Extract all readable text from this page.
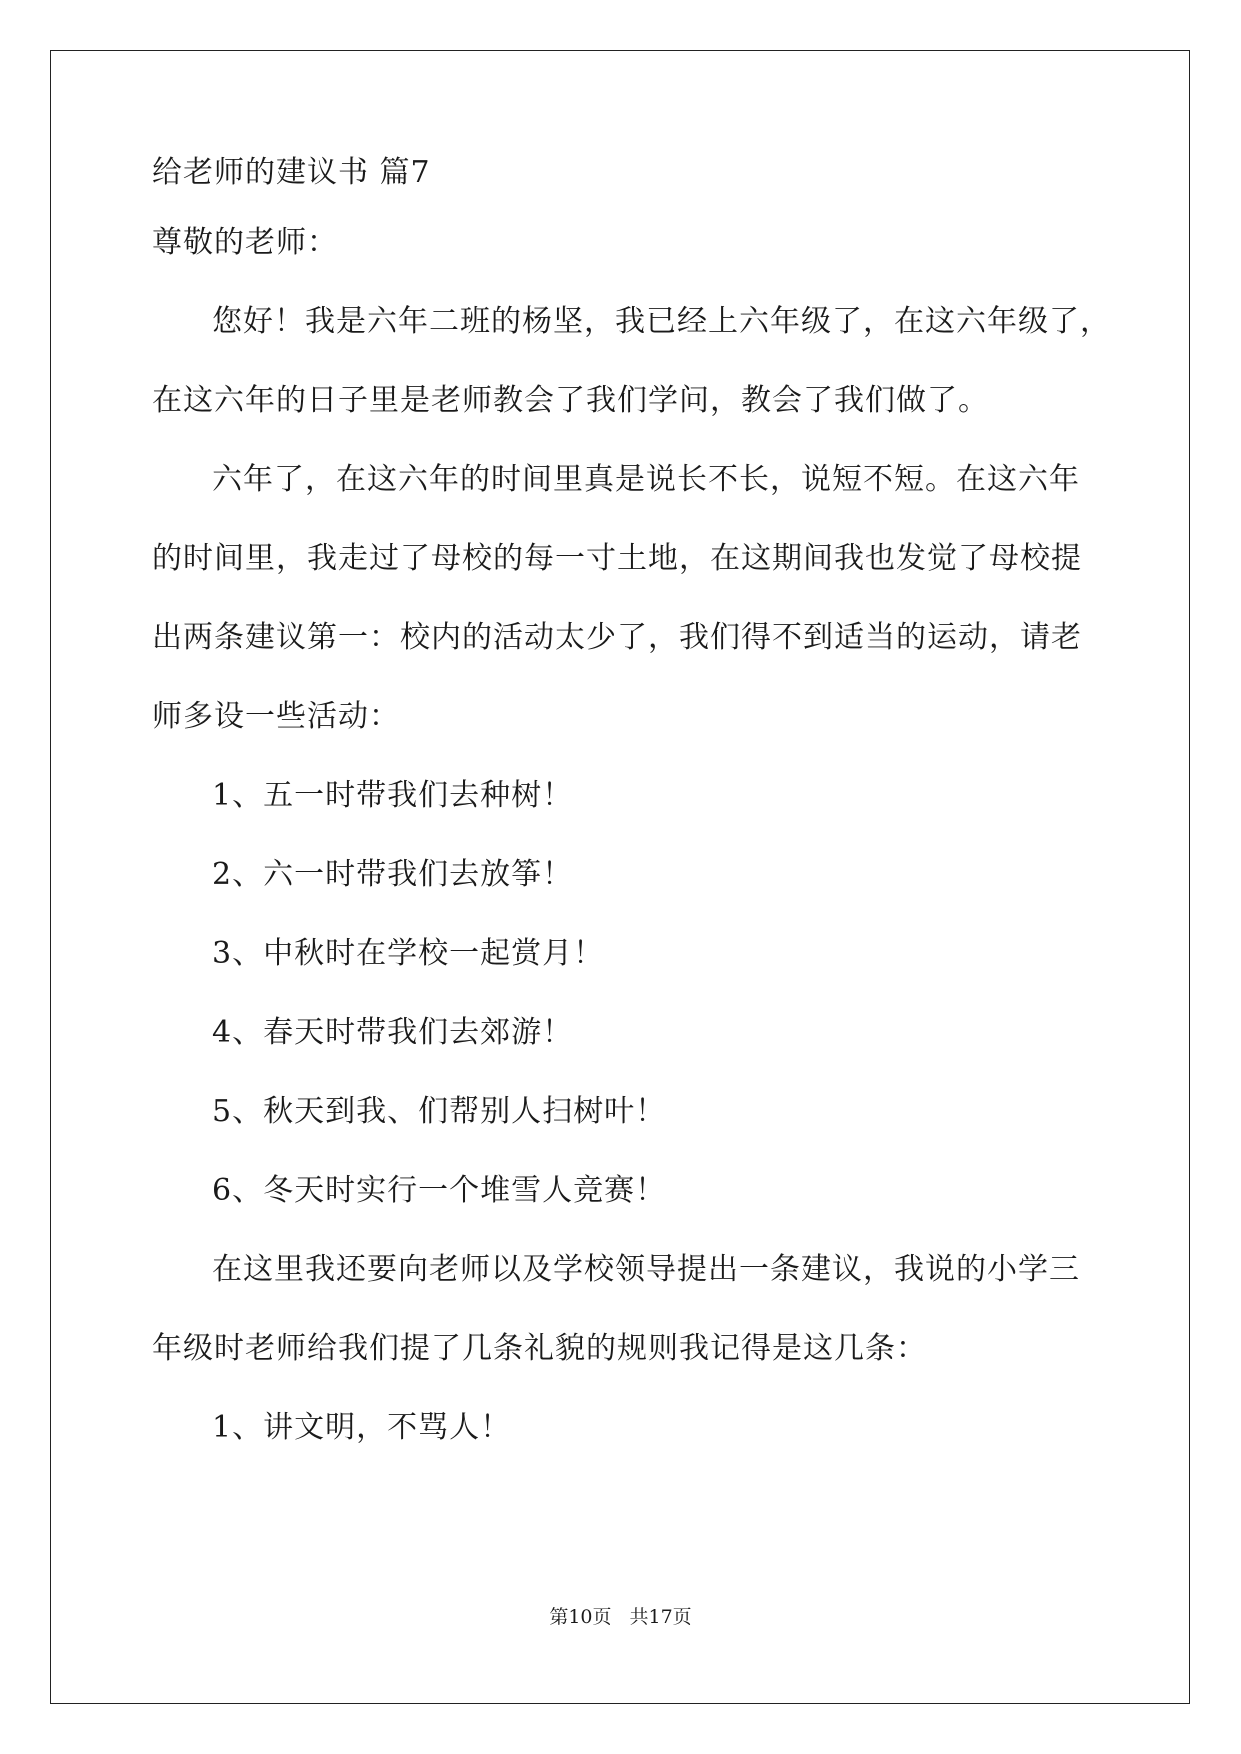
给老师的建议书 篇7
尊敬的老师：
您好！我是六年二班的杨坚，我已经上六年级了，在这六年级了，
在这六年的日子里是老师教会了我们学问，教会了我们做了。
六年了，在这六年的时间里真是说长不长，说短不短。在这六年
的时间里，我走过了母校的每一寸土地，在这期间我也发觉了母校提
出两条建议第一：校内的活动太少了，我们得不到适当的运动，请老
师多设一些活动：
1、五一时带我们去种树！
2、六一时带我们去放筝！
3、中秋时在学校一起赏月！
4、春天时带我们去郊游！
5、秋天到我、们帮别人扫树叶！
6、冬天时实行一个堆雪人竞赛！
在这里我还要向老师以及学校领导提出一条建议，我说的小学三
年级时老师给我们提了几条礼貌的规则我记得是这几条：
1、讲文明，不骂人！
第10页 共17页
